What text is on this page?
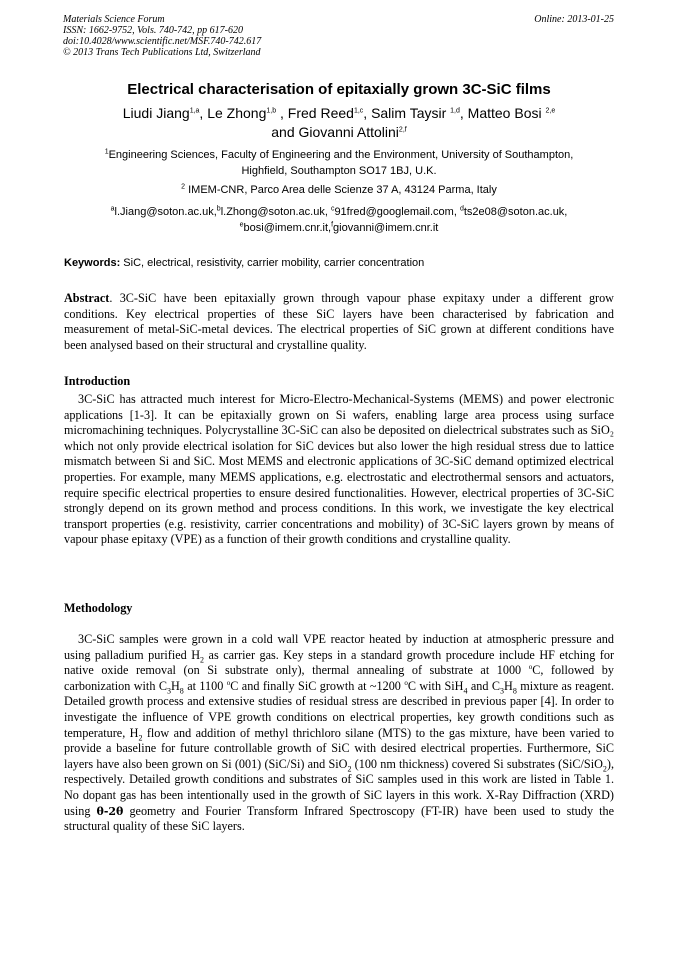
Materials Science Forum
ISSN: 1662-9752, Vols. 740-742, pp 617-620
doi:10.4028/www.scientific.net/MSF.740-742.617
© 2013 Trans Tech Publications Ltd, Switzerland
Online: 2013-01-25
Electrical characterisation of epitaxially grown 3C-SiC films
Liudi Jiang$^{1,a}$, Le Zhong$^{1,b}$ , Fred Reed$^{1,c}$, Salim Taysir $^{1,d}$, Matteo Bosi $^{2,e}$
and Giovanni Attolini$^{2,f}$
$^1$Engineering Sciences, Faculty of Engineering and the Environment, University of Southampton,
Highfield, Southampton SO17 1BJ, U.K.
$^2$ IMEM-CNR, Parco Area delle Scienze 37 A, 43124 Parma, Italy
$^a$l.Jiang@soton.ac.uk,$^b$l.Zhong@soton.ac.uk, $^c$91fred@googlemail.com, $^d$ts2e08@soton.ac.uk,
$^e$bosi@imem.cnr.it,$^f$giovanni@imem.cnr.it
Keywords: SiC, electrical, resistivity, carrier mobility, carrier concentration
Abstract. 3C-SiC have been epitaxially grown through vapour phase expitaxy under a different grow conditions. Key electrical properties of these SiC layers have been characterised by fabrication and measurement of metal-SiC-metal devices. The electrical properties of SiC grown at different conditions have been analysed based on their structural and crystalline quality.
Introduction
3C-SiC has attracted much interest for Micro-Electro-Mechanical-Systems (MEMS) and power electronic applications [1-3]. It can be epitaxially grown on Si wafers, enabling large area process using surface micromachining techniques. Polycrystalline 3C-SiC can also be deposited on dielectrical substrates such as SiO₂ which not only provide electrical isolation for SiC devices but also lower the high residual stress due to lattice mismatch between Si and SiC. Most MEMS and electronic applications of 3C-SiC demand optimized electrical properties. For example, many MEMS applications, e.g. electrostatic and electrothermal sensors and actuators, require specific electrical properties to ensure desired functionalities. However, electrical properties of 3C-SiC strongly depend on its grown method and process conditions. In this work, we investigate the key electrical transport properties (e.g. resistivity, carrier concentrations and mobility) of 3C-SiC layers grown by means of vapour phase epitaxy (VPE) as a function of their growth conditions and crystalline quality.
Methodology
3C-SiC samples were grown in a cold wall VPE reactor heated by induction at atmospheric pressure and using palladium purified $H_2$ as carrier gas. Key steps in a standard growth procedure include HF etching for native oxide removal (on Si substrate only), thermal annealing of substrate at 1000 $^o$C, followed by carbonization with $C_3H_8$ at 1100 $^o$C and finally SiC growth at ~1200 $^o$C with SiH$_4$ and $C_3H_8$ mixture as reagent. Detailed growth process and extensive studies of residual stress are described in previous paper [4]. In order to investigate the influence of VPE growth conditions on electrical properties, key growth conditions such as temperature, $H_2$ flow and addition of methyl thrichloro silane (MTS) to the gas mixture, have been varied to provide a baseline for future controllable growth of SiC with desired electrical properties. Furthermore, SiC layers have also been grown on Si (001) (SiC/Si) and SiO$_2$ (100 nm thickness) covered Si substrates (SiC/SiO$_2$), respectively. Detailed growth conditions and substrates of SiC samples used in this work are listed in Table 1. No dopant gas has been intentionally used in the growth of SiC layers in this work. X-Ray Diffraction (XRD) using θ-2θ geometry and Fourier Transform Infrared Spectroscopy (FT-IR) have been used to study the structural quality of these SiC layers.
